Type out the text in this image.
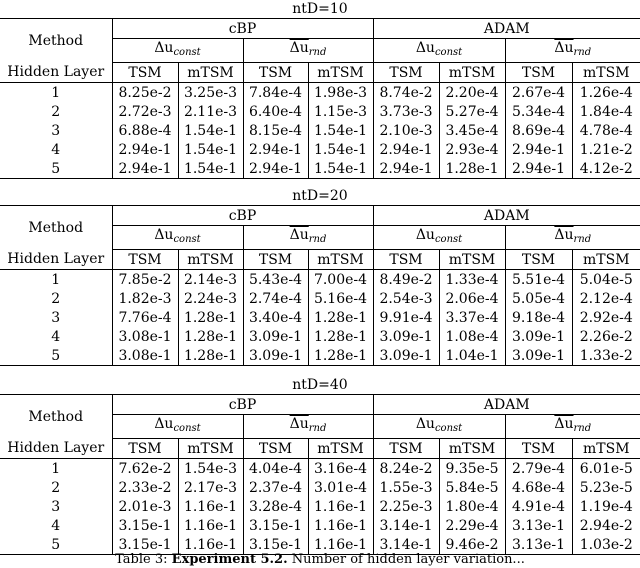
ntD=10
Method	cBP				ADAM			
	$\Delta u_{const}$		$\overline{\Delta u}_{rnd}$		$\Delta u_{const}$		$\overline{\Delta u}_{rnd}$
Hidden Layer	TSM	mTSM	TSM	mTSM	TSM	mTSM	TSM	mTSM
1	8.25e-2	3.25e-3	7.84e-4	1.98e-3	8.74e-2	2.20e-4	2.67e-4	1.26e-4
2	2.72e-3	2.11e-3	6.40e-4	1.15e-3	3.73e-3	5.27e-4	5.34e-4	1.84e-4
3	6.88e-4	1.54e-1	8.15e-4	1.54e-1	2.10e-3	3.45e-4	8.69e-4	4.78e-4
4	2.94e-1	1.54e-1	2.94e-1	1.54e-1	2.94e-1	2.93e-4	2.94e-1	1.21e-2
5	2.94e-1	1.54e-1	2.94e-1	1.54e-1	2.94e-1	1.28e-1	2.94e-1	4.12e-2
ntD=20
Method	cBP				ADAM			
	$\Delta u_{const}$		$\overline{\Delta u}_{rnd}$		$\Delta u_{const}$		$\overline{\Delta u}_{rnd}$
Hidden Layer	TSM	mTSM	TSM	mTSM	TSM	mTSM	TSM	mTSM
1	7.85e-2	2.14e-3	5.43e-4	7.00e-4	8.49e-2	1.33e-4	5.51e-4	5.04e-5
2	1.82e-3	2.24e-3	2.74e-4	5.16e-4	2.54e-3	2.06e-4	5.05e-4	2.12e-4
3	7.76e-4	1.28e-1	3.40e-4	1.28e-1	9.91e-4	3.37e-4	9.18e-4	2.92e-4
4	3.08e-1	1.28e-1	3.09e-1	1.28e-1	3.09e-1	1.08e-4	3.09e-1	2.26e-2
5	3.08e-1	1.28e-1	3.09e-1	1.28e-1	3.09e-1	1.04e-1	3.09e-1	1.33e-2
ntD=40
Method	cBP				ADAM			
	$\Delta u_{const}$		$\overline{\Delta u}_{rnd}$		$\Delta u_{const}$		$\overline{\Delta u}_{rnd}$
Hidden Layer	TSM	mTSM	TSM	mTSM	TSM	mTSM	TSM	mTSM
1	7.62e-2	1.54e-3	4.04e-4	3.16e-4	8.24e-2	9.35e-5	2.79e-4	6.01e-5
2	2.33e-2	2.17e-3	2.37e-4	3.01e-4	1.55e-3	5.84e-5	4.68e-4	5.23e-5
3	2.01e-3	1.16e-1	3.28e-4	1.16e-1	2.25e-3	1.80e-4	4.91e-4	1.19e-4
4	3.15e-1	1.16e-1	3.15e-1	1.16e-1	3.14e-1	2.29e-4	3.13e-1	2.94e-2
5	3.15e-1	1.16e-1	3.15e-1	1.16e-1	3.14e-1	9.46e-2	3.13e-1	1.03e-2
Table 3: Experiment 5.2. Number of hidden layer variation...
